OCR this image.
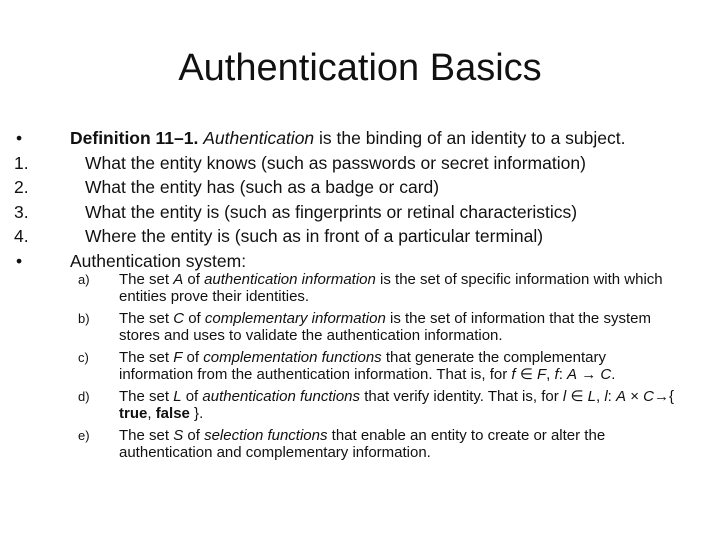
Authentication Basics
•	Definition 11–1. Authentication is the binding of an identity to a subject.
1.	What the entity knows (such as passwords or secret information)
2.	What the entity has (such as a badge or card)
3.	What the entity is (such as fingerprints or retinal characteristics)
4.	Where the entity is (such as in front of a particular terminal)
•	Authentication system:
a) The set A of authentication information is the set of specific information with which entities prove their identities.
b) The set C of complementary information is the set of information that the system stores and uses to validate the authentication information.
c) The set F of complementation functions that generate the complementary information from the authentication information. That is, for f ∈ F, f: A → C.
d) The set L of authentication functions that verify identity. That is, for l ∈ L, l: A × C→{ true, false }.
e) The set S of selection functions that enable an entity to create or alter the authentication and complementary information.
